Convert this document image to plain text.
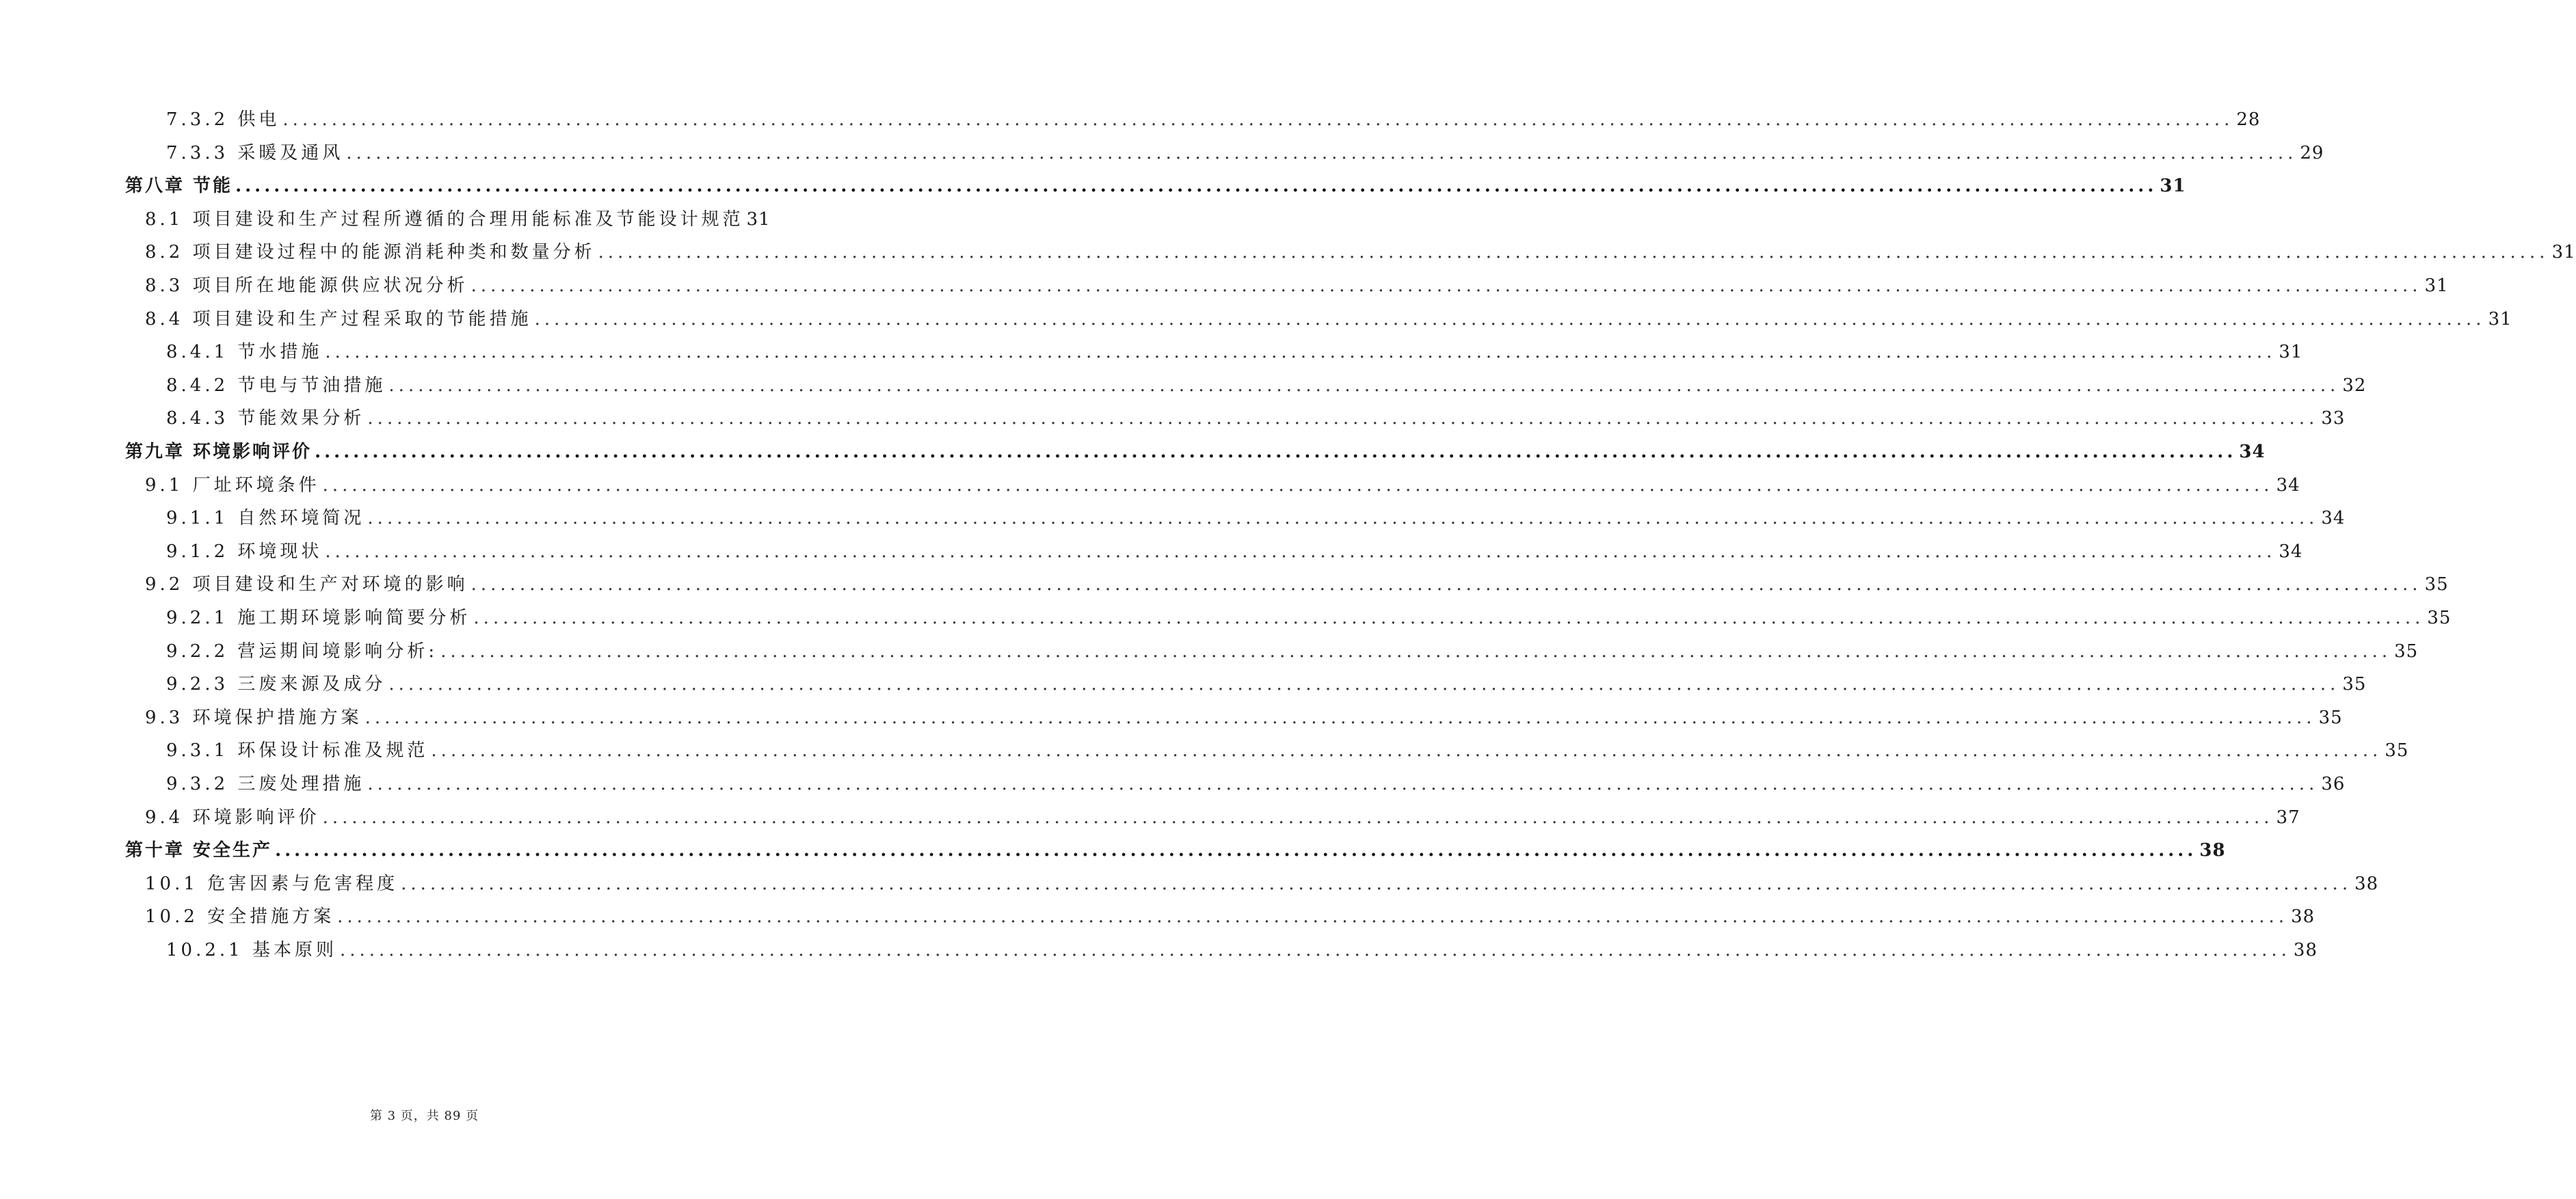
7.3.2 供电 ........................................................................................................................................................................................................ 28
7.3.3 采暖及通风 ........................................................................................................................................................................................................ 29
第八章 节能 ........................................................................................................................................................................................................ 31
8.1 项目建设和生产过程所遵循的合理用能标准及节能设计规范 31
8.2 项目建设过程中的能源消耗种类和数量分析 ........................................................................................................................................................................................................ 31
8.3 项目所在地能源供应状况分析 ........................................................................................................................................................................................................ 31
8.4 项目建设和生产过程采取的节能措施 ........................................................................................................................................................................................................ 31
8.4.1 节水措施 ........................................................................................................................................................................................................ 31
8.4.2 节电与节油措施 ........................................................................................................................................................................................................ 32
8.4.3 节能效果分析 ........................................................................................................................................................................................................ 33
第九章 环境影响评价 ........................................................................................................................................................................................................ 34
9.1 厂址环境条件 ........................................................................................................................................................................................................ 34
9.1.1 自然环境简况 ........................................................................................................................................................................................................ 34
9.1.2 环境现状 ........................................................................................................................................................................................................ 34
9.2 项目建设和生产对环境的影响 ........................................................................................................................................................................................................ 35
9.2.1 施工期环境影响简要分析 ........................................................................................................................................................................................................ 35
9.2.2 营运期间境影响分析: ........................................................................................................................................................................................................ 35
9.2.3 三废来源及成分 ........................................................................................................................................................................................................ 35
9.3 环境保护措施方案 ........................................................................................................................................................................................................ 35
9.3.1 环保设计标准及规范 ........................................................................................................................................................................................................ 35
9.3.2 三废处理措施 ........................................................................................................................................................................................................ 36
9.4 环境影响评价 ........................................................................................................................................................................................................ 37
第十章 安全生产 ........................................................................................................................................................................................................ 38
10.1 危害因素与危害程度 ........................................................................................................................................................................................................ 38
10.2 安全措施方案 ........................................................................................................................................................................................................ 38
10.2.1 基本原则 ........................................................................................................................................................................................................ 38
第 3 页，共 89 页
